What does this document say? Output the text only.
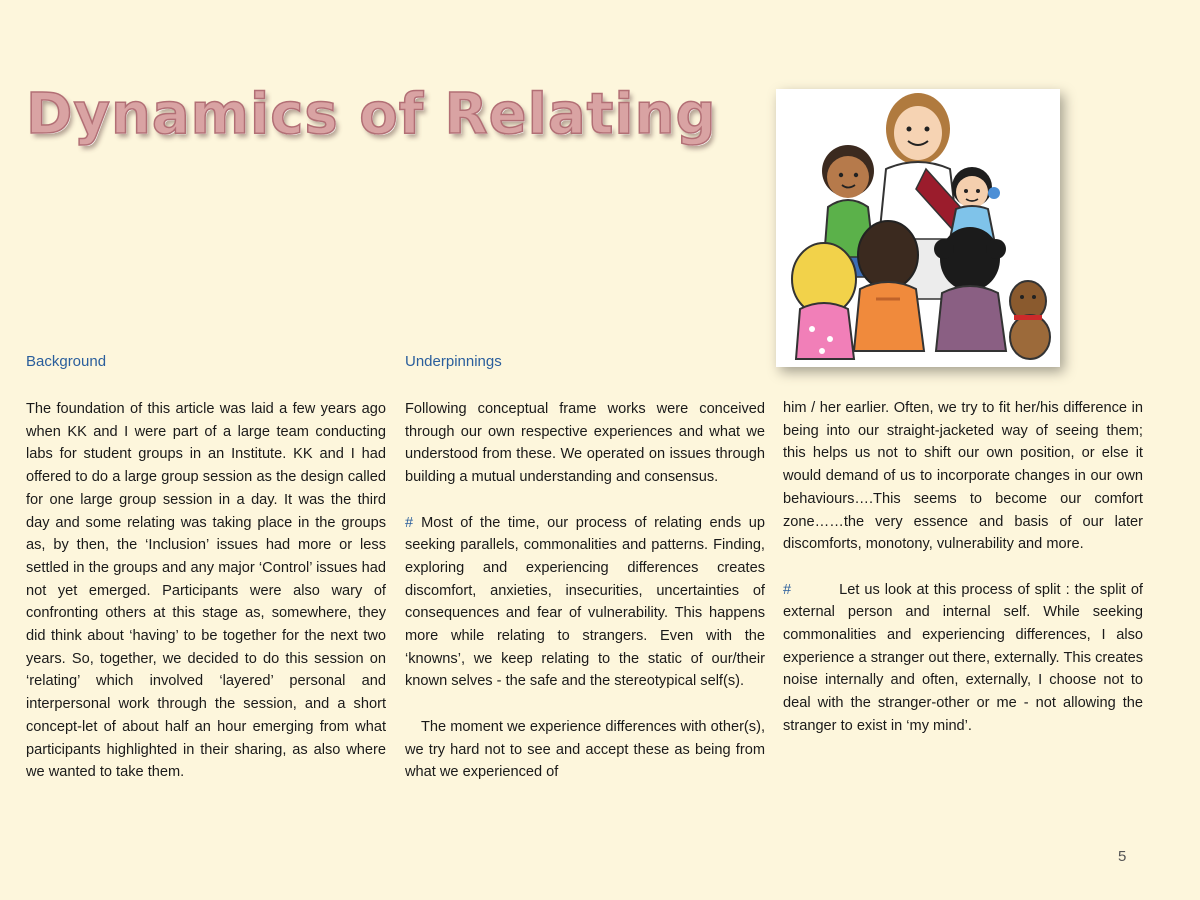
Dynamics of Relating
Background

The foundation of this article was laid a few years ago when KK and I were part of a large team conducting labs for student groups in an Institute. KK and I had offered to do a large group session as the design called for one large group session in a day. It was the third day and some relating was taking place in the groups as, by then, the ‘Inclusion’ issues had more or less settled in the groups and any major ‘Control’ issues had not yet emerged. Participants were also wary of confronting others at this stage as, somewhere, they did think about ‘having’ to be together for the next two years. So, together, we decided to do this session on ‘relating’ which involved ‘layered’ personal and interpersonal work through the session, and a short concept-let of about half an hour emerging from what participants highlighted in their sharing, as also where we wanted to take them.

Underpinnings

Following conceptual frame works were conceived through our own respective experiences and what we understood from these. We operated on issues through building a mutual understanding and consensus.

# Most of the time, our process of relating ends up seeking parallels, commonalities and patterns. Finding, exploring and experiencing differences creates discomfort, anxieties, insecurities, uncertainties of consequences and fear of vulnerability. This happens more while relating to strangers. Even with the ‘knowns’, we keep relating to the static of our/their known selves - the safe and the stereotypical self(s).

The moment we experience differences with other(s), we try hard not to see and accept these as being from what we experienced of

him / her earlier. Often, we try to fit her/his difference in being into our straight-jacketed way of seeing them; this helps us not to shift our own position, or else it would demand of us to incorporate changes in our own behaviours….This seems to become our comfort zone……the very essence and basis of our later discomforts, monotony, vulnerability and more.

#	Let us look at this process of split : the split of external person and internal self. While seeking commonalities and experiencing differences, I also experience a stranger out there, externally. This creates noise internally and often, externally, I choose not to deal with the stranger-other or me - not allowing the stranger to exist in ‘my mind’.

5
